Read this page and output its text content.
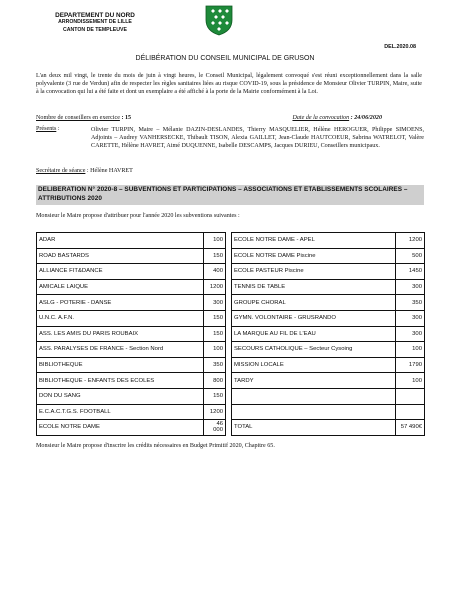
DEPARTEMENT DU NORD
ARRONDISSEMENT DE LILLE
CANTON DE TEMPLEUVE
DEL.2020.08
DÉLIBÉRATION DU CONSEIL MUNICIPAL DE GRUSON
L'an deux mil vingt, le trente du mois de juin à vingt heures, le Conseil Municipal, légalement convoqué s'est réuni exceptionnellement dans la salle polyvalente (3 rue de Verdun) afin de respecter les règles sanitaires liées au risque COVID-19, sous la présidence de Monsieur Olivier TURPIN, Maire, suite à la convocation qui lui a été faite et dont un exemplaire a été affiché à la porte de la Mairie conformément à la Loi.
Nombre de conseillers en exercice : 15	Date de la convocation : 24/06/2020
Présents :	Olivier TURPIN, Maire – Mélanie DAZIN-DESLANDES, Thierry MASQUELIER, Hélène HEROGUER, Philippe SIMOENS, Adjoints – Audrey VANHERSECKE, Thibault TISON, Alexia GAILLET, Jean-Claude HAUTCOEUR, Sabrina WATRELOT, Valère CARETTE, Hélène HAVRET, Aimé DUQUENNE, Isabelle DESCAMPS, Jacques DURIEU, Conseillers municipaux.
Secrétaire de séance : Hélène HAVRET
DELIBERATION N° 2020-8 – SUBVENTIONS ET PARTICIPATIONS – ASSOCIATIONS ET ETABLISSEMENTS SCOLAIRES – ATTRIBUTIONS 2020
Monsieur le Maire propose d'attribuer pour l'année 2020 les subventions suivantes :
ADAR	100
ROAD BASTARDS	150
ALLIANCE FIT&DANCE	400
AMICALE LAIQUE	1200
ASLG - POTERIE - DANSE	300
U.N.C. A.F.N.	150
ASS. LES AMIS DU PARIS ROUBAIX	150
ASS. PARALYSES DE FRANCE - Section Nord	100
BIBLIOTHEQUE	350
BIBLIOTHEQUE - ENFANTS DES ECOLES	800
DON DU SANG	150
E.C.A.C.T.G.S. FOOTBALL	1200
ECOLE NOTRE DAME	46 000
ECOLE NOTRE DAME - APEL	1200
ECOLE NOTRE DAME Piscine	500
ECOLE PASTEUR Piscine	1450
TENNIS DE TABLE	300
GROUPE CHORAL	350
GYMN. VOLONTAIRE - GRUSRANDO	300
LA MARQUE AU FIL DE L'EAU	300
SECOURS CATHOLIQUE – Secteur Cysoing	100
MISSION LOCALE	1790
TARDY	100

TOTAL	57 490€
Monsieur le Maire propose d'inscrire les crédits nécessaires en Budget Primitif 2020, Chapitre 65.
